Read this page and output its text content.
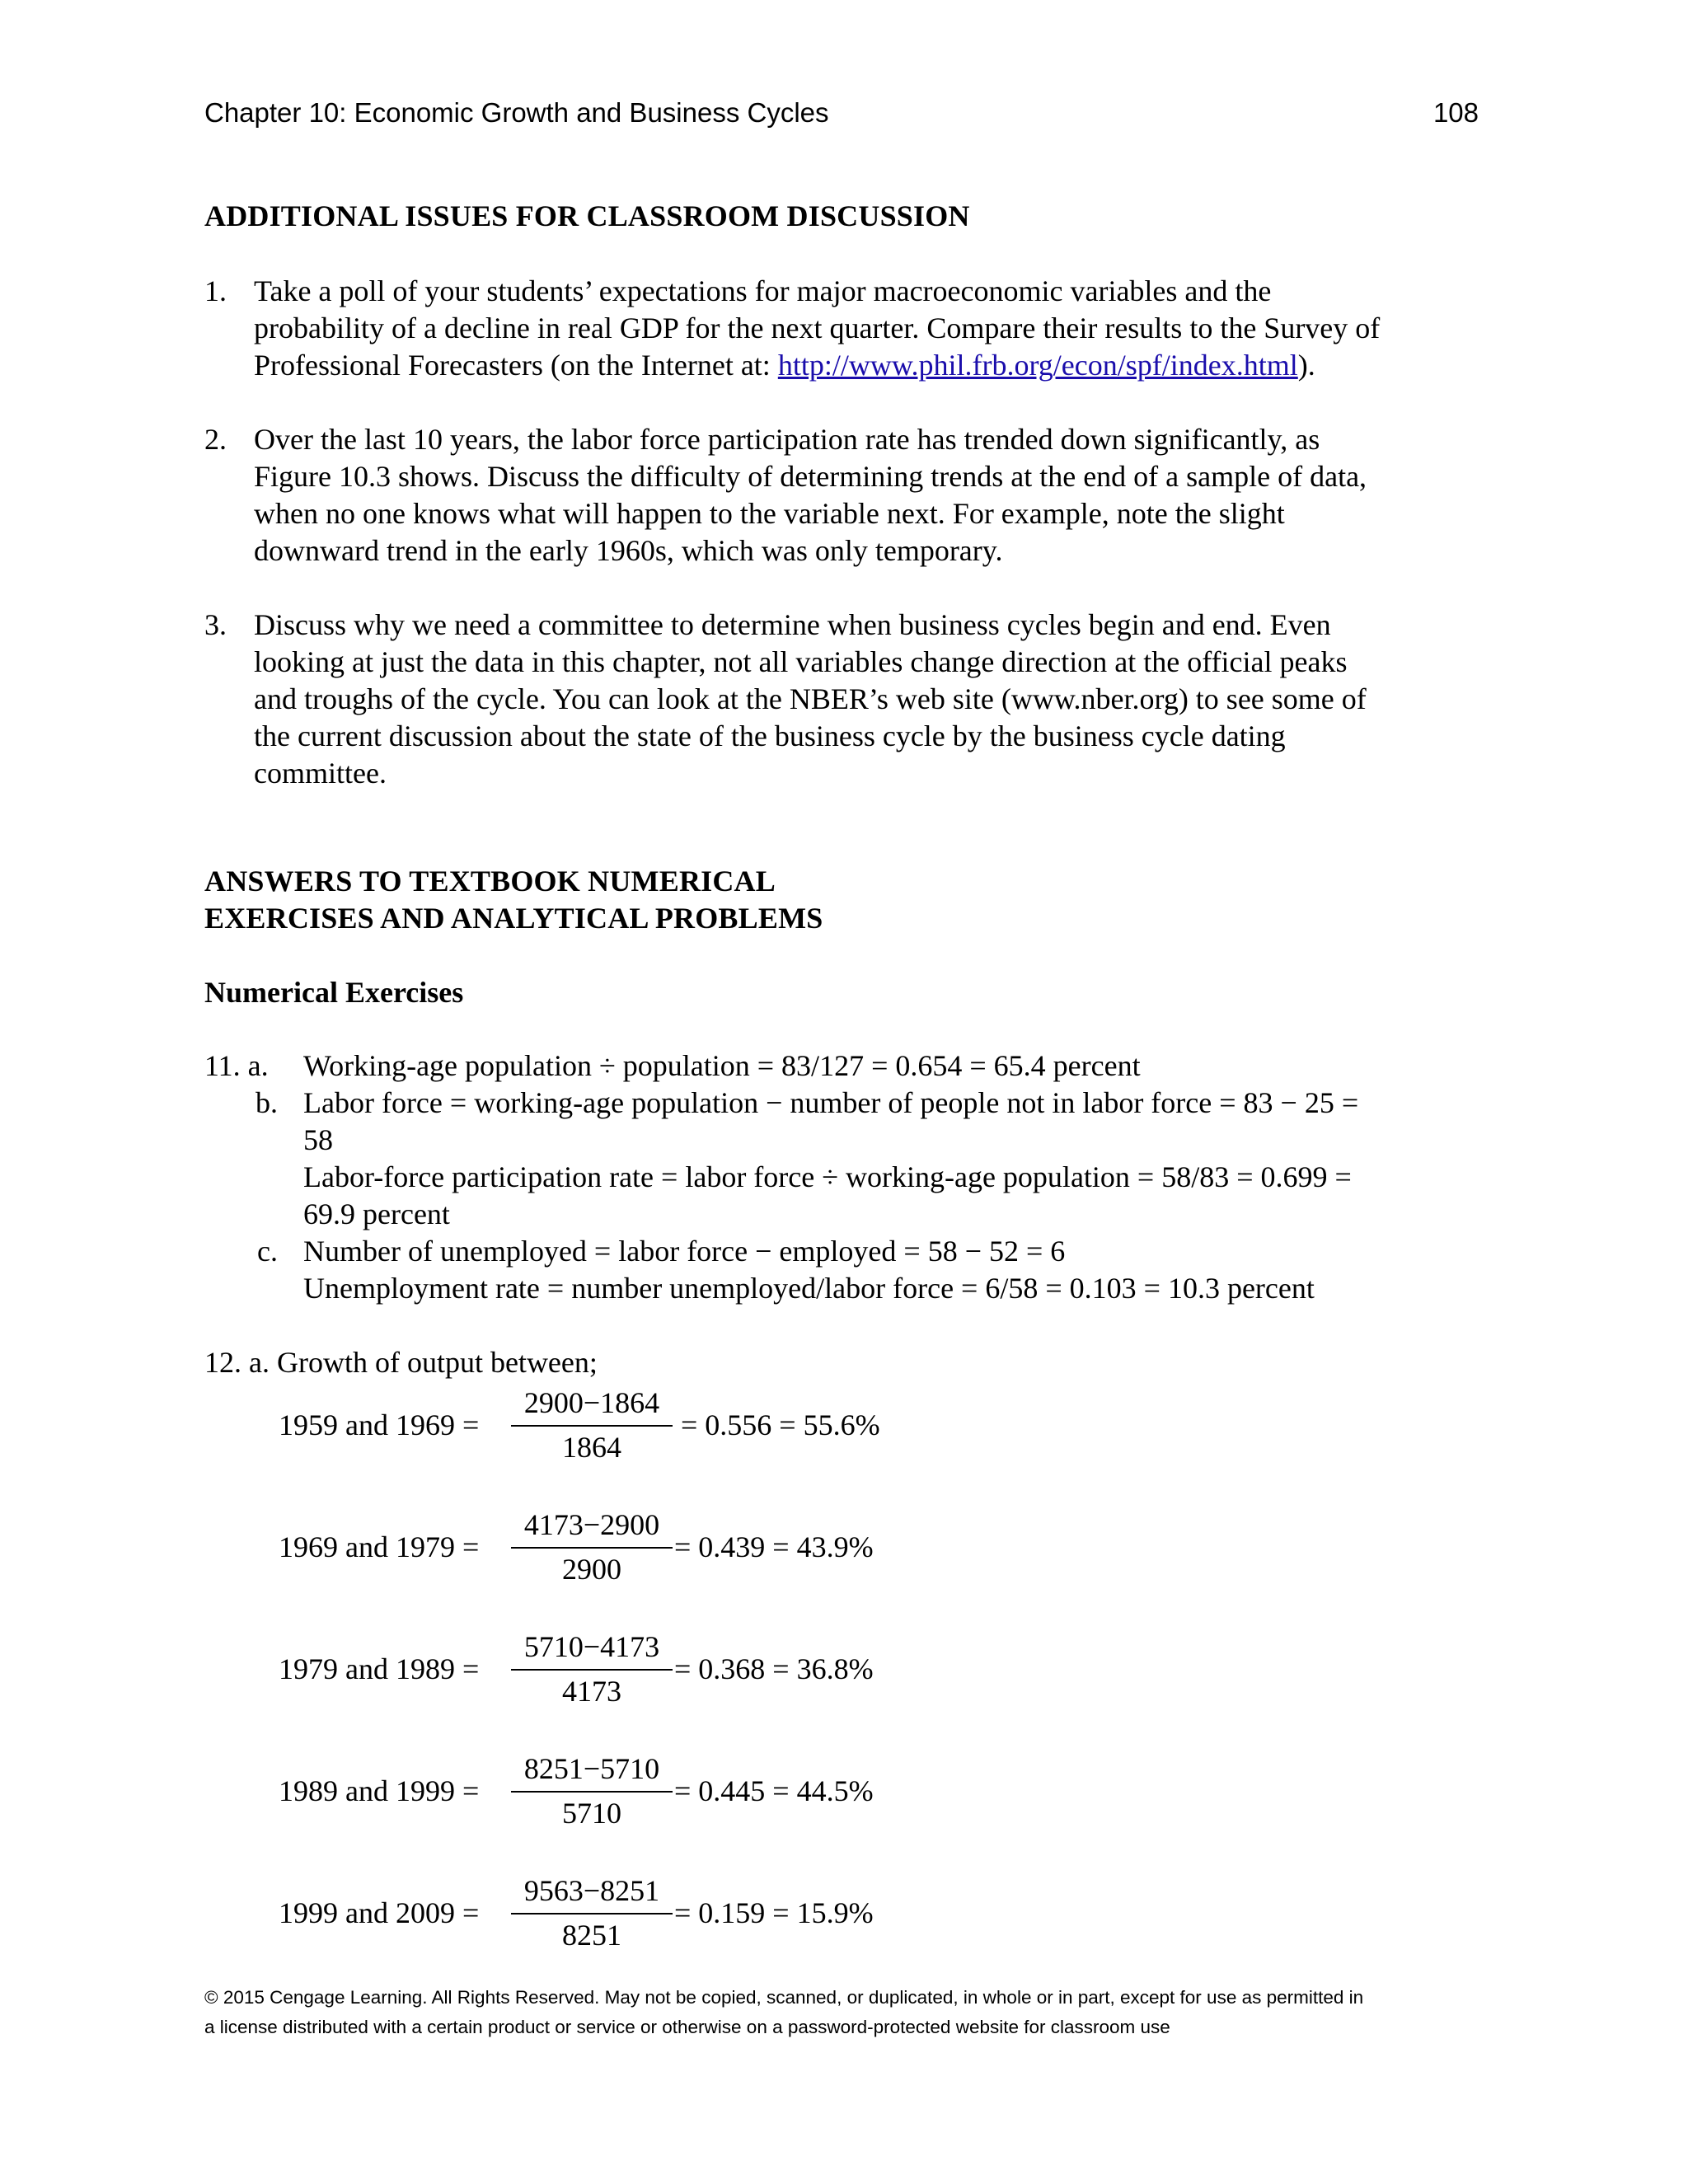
Chapter 10: Economic Growth and Business Cycles	108
ADDITIONAL ISSUES FOR CLASSROOM DISCUSSION
1. Take a poll of your students’ expectations for major macroeconomic variables and the
probability of a decline in real GDP for the next quarter. Compare their results to the Survey of
Professional Forecasters (on the Internet at: http://www.phil.frb.org/econ/spf/index.html).
2. Over the last 10 years, the labor force participation rate has trended down significantly, as
Figure 10.3 shows. Discuss the difficulty of determining trends at the end of a sample of data,
when no one knows what will happen to the variable next. For example, note the slight
downward trend in the early 1960s, which was only temporary.
3. Discuss why we need a committee to determine when business cycles begin and end. Even
looking at just the data in this chapter, not all variables change direction at the official peaks
and troughs of the cycle. You can look at the NBER’s web site (www.nber.org) to see some of
the current discussion about the state of the business cycle by the business cycle dating
committee.
ANSWERS TO TEXTBOOK NUMERICAL
EXERCISES AND ANALYTICAL PROBLEMS
Numerical Exercises
11. a. Working-age population ÷ population = 83/127 = 0.654 = 65.4 percent
b. Labor force = working-age population − number of people not in labor force = 83 − 25 =
58
Labor-force participation rate = labor force ÷ working-age population = 58/83 = 0.699 =
69.9 percent
c. Number of unemployed = labor force − employed = 58 − 52 = 6
Unemployment rate = number unemployed/labor force = 6/58 = 0.103 = 10.3 percent
12. a. Growth of output between;
1959 and 1969 =
2900−1864
1864
= 0.556 = 55.6%
1969 and 1979 =
4173−2900
2900
= 0.439 = 43.9%
1979 and 1989 =
5710−4173
4173
= 0.368 = 36.8%
1989 and 1999 =
8251−5710
5710
= 0.445 = 44.5%
1999 and 2009 =
9563−8251
8251
= 0.159 = 15.9%
© 2015 Cengage Learning. All Rights Reserved. May not be copied, scanned, or duplicated, in whole or in part, except for use as permitted in
a license distributed with a certain product or service or otherwise on a password-protected website for classroom use
